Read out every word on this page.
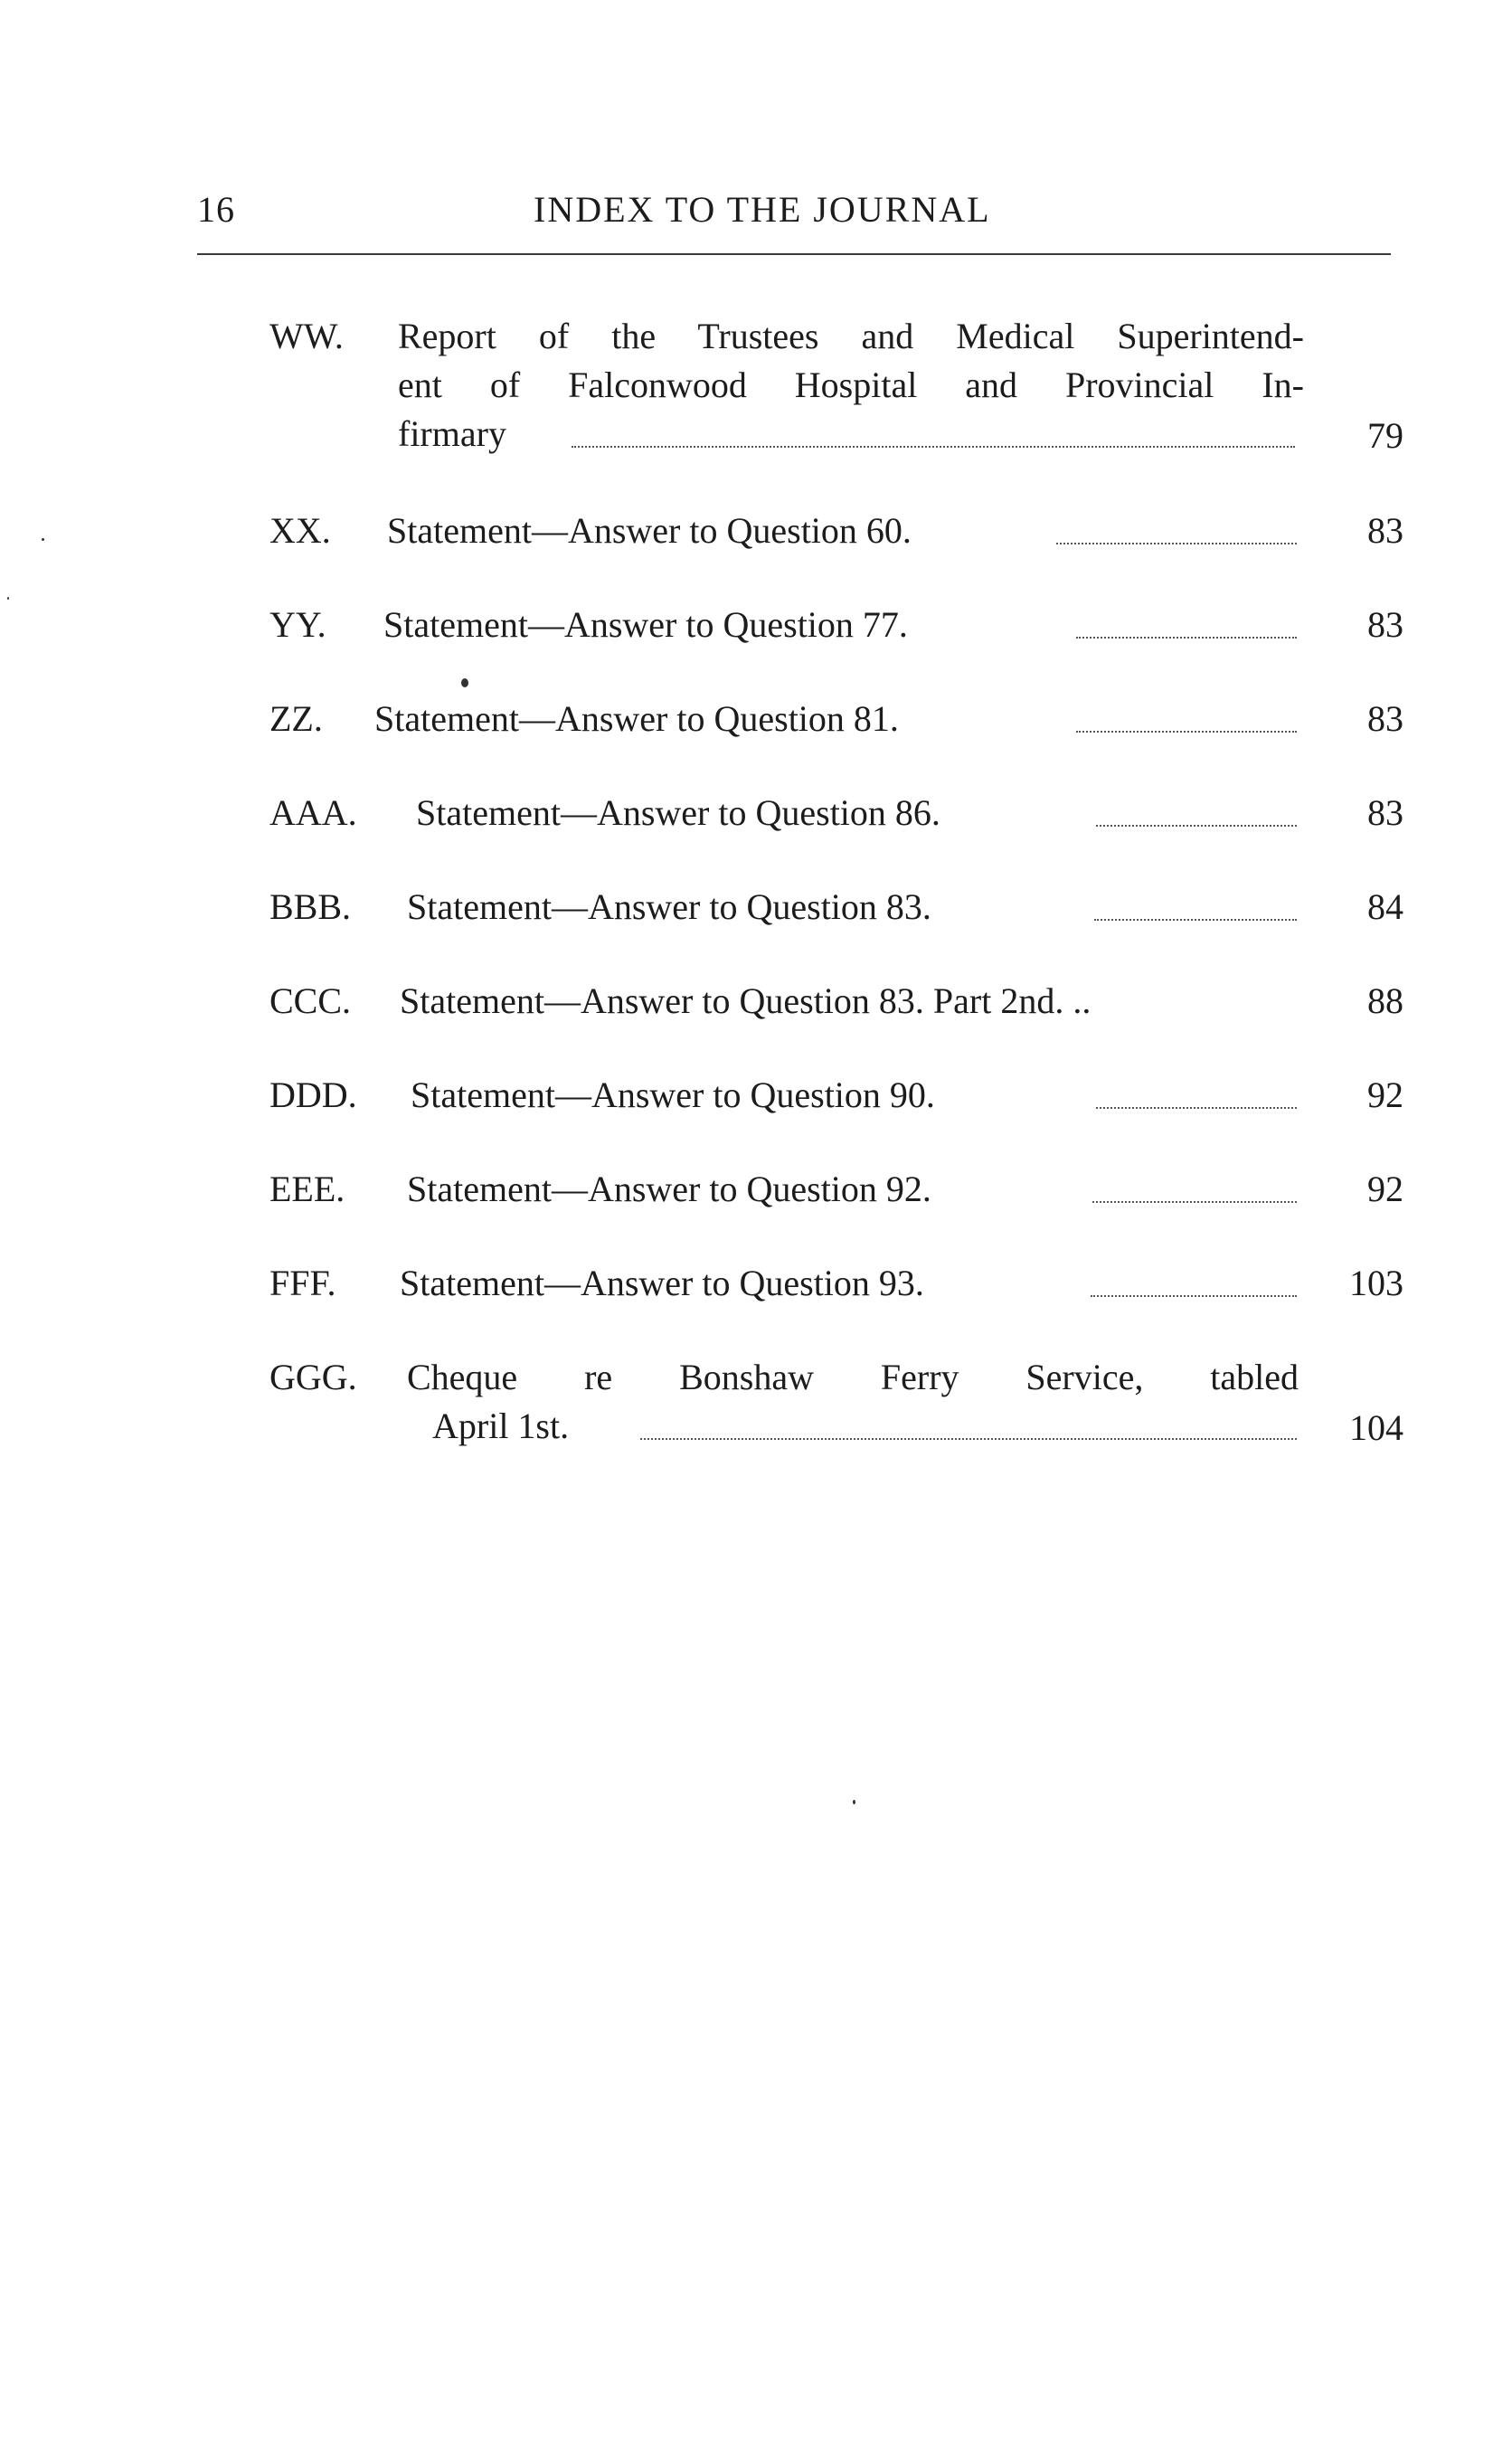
16	INDEX TO THE JOURNAL
WW. Report of the Trustees and Medical Superintend-
ent of Falconwood Hospital and Provincial In-
firmary	79
XX. Statement—Answer to Question 60.	83
YY. Statement—Answer to Question 77.	83
ZZ. Statement—Answer to Question 81.	83
AAA. Statement—Answer to Question 86.	83
BBB. Statement—Answer to Question 83.	84
CCC. Statement—Answer to Question 83. Part 2nd. ..	88
DDD. Statement—Answer to Question 90.	92
EEE. Statement—Answer to Question 92.	92
FFF. Statement—Answer to Question 93.	103
GGG. Cheque re Bonshaw Ferry Service, tabled
April 1st.	104
